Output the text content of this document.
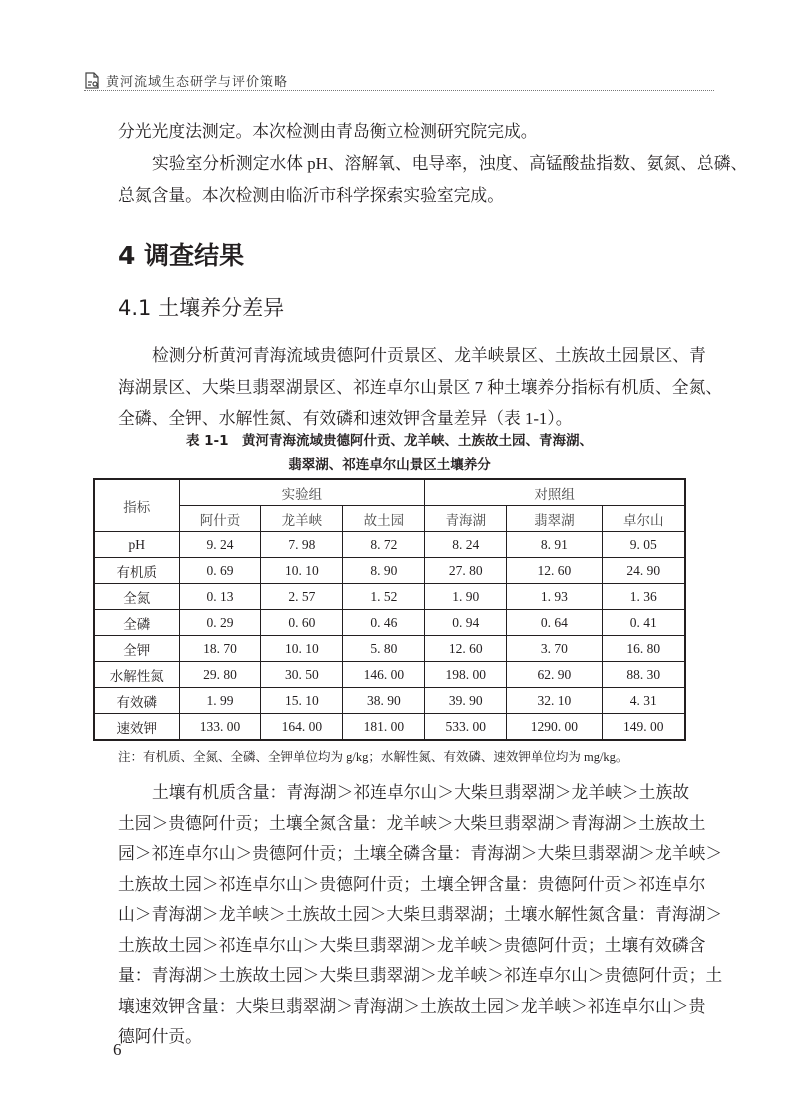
黄河流域生态研学与评价策略
分光光度法测定。本次检测由青岛衡立检测研究院完成。
实验室分析测定水体 pH、溶解氧、电导率，浊度、高锰酸盐指数、氨氮、总磷、
总氮含量。本次检测由临沂市科学探索实验室完成。
4 调查结果
4.1 土壤养分差异
检测分析黄河青海流域贵德阿什贡景区、龙羊峡景区、土族故土园景区、青
海湖景区、大柴旦翡翠湖景区、祁连卓尔山景区 7 种土壤养分指标有机质、全氮、
全磷、全钾、水解性氮、有效磷和速效钾含量差异（表 1-1）。
表 1-1　黄河青海流域贵德阿什贡、龙羊峡、土族故土园、青海湖、
翡翠湖、祁连卓尔山景区土壤养分
指标	实验组			对照组		
	阿什贡	龙羊峡	故土园	青海湖	翡翠湖	卓尔山
pH	9. 24	7. 98	8. 72	8. 24	8. 91	9. 05
有机质	0. 69	10. 10	8. 90	27. 80	12. 60	24. 90
全氮	0. 13	2. 57	1. 52	1. 90	1. 93	1. 36
全磷	0. 29	0. 60	0. 46	0. 94	0. 64	0. 41
全钾	18. 70	10. 10	5. 80	12. 60	3. 70	16. 80
水解性氮	29. 80	30. 50	146. 00	198. 00	62. 90	88. 30
有效磷	1. 99	15. 10	38. 90	39. 90	32. 10	4. 31
速效钾	133. 00	164. 00	181. 00	533. 00	1290. 00	149. 00
注：有机质、全氮、全磷、全钾单位均为 g/kg；水解性氮、有效磷、速效钾单位均为 mg/kg。
土壤有机质含量：青海湖＞祁连卓尔山＞大柴旦翡翠湖＞龙羊峡＞土族故
土园＞贵德阿什贡；土壤全氮含量：龙羊峡＞大柴旦翡翠湖＞青海湖＞土族故土
园＞祁连卓尔山＞贵德阿什贡；土壤全磷含量：青海湖＞大柴旦翡翠湖＞龙羊峡＞
土族故土园＞祁连卓尔山＞贵德阿什贡；土壤全钾含量：贵德阿什贡＞祁连卓尔
山＞青海湖＞龙羊峡＞土族故土园＞大柴旦翡翠湖；土壤水解性氮含量：青海湖＞
土族故土园＞祁连卓尔山＞大柴旦翡翠湖＞龙羊峡＞贵德阿什贡；土壤有效磷含
量：青海湖＞土族故土园＞大柴旦翡翠湖＞龙羊峡＞祁连卓尔山＞贵德阿什贡；土
壤速效钾含量：大柴旦翡翠湖＞青海湖＞土族故土园＞龙羊峡＞祁连卓尔山＞贵
德阿什贡。
6
